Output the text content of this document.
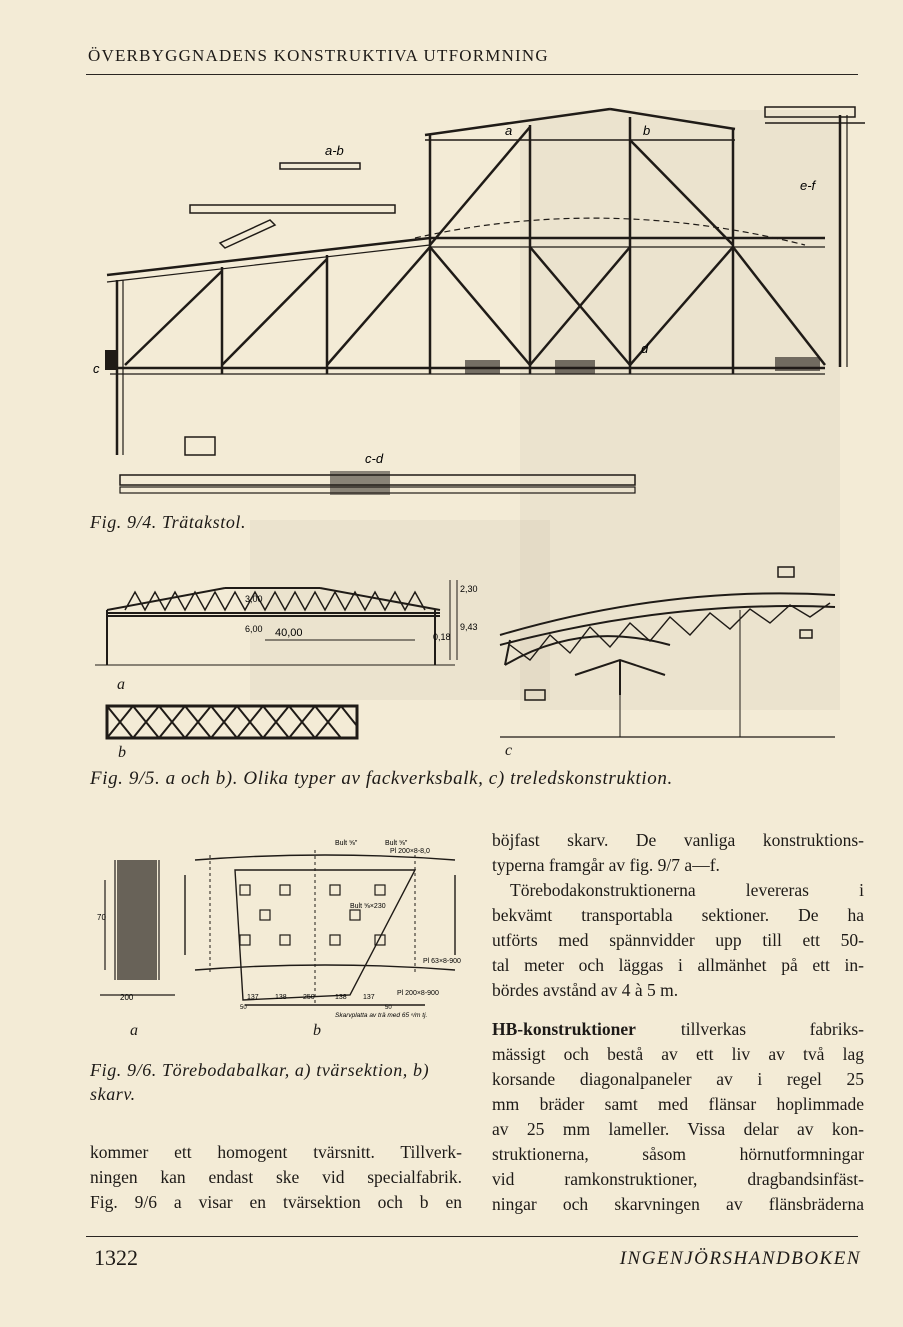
ÖVERBYGGNADENS KONSTRUKTIVA UTFORMNING
a-b
a	b
e-f
c
d
c-d
Fig. 9/4. Trätakstol.
40,00
3,00
2,30
6,00
0,18
9,43
a
b	c
Fig. 9/5. a och b). Olika typer av fackverksbalk, c) treledskonstruktion.
200
70
Bult ⅝"	Bult ⅝"
Pl 200×8-8,0
Bult ⅝×230
Pl 63×8-900
Pl 200×8-900
137 138 250	138 137
50	50
Skarvplatta av trä med 65 ⁿ/m tj.
a	b
Fig. 9/6. Törebodabalkar, a) tvärsektion, b) skarv.
kommer ett homogent tvärsnitt. Tillverk-
ningen kan endast ske vid specialfabrik.
Fig. 9/6 a visar en tvärsektion och b en
böjfast skarv. De vanliga konstruktions-
typerna framgår av fig. 9/7 a—f.
Törebodakonstruktionerna levereras i
bekvämt transportabla sektioner. De ha
utförts med spännvidder upp till ett 50-
tal meter och läggas i allmänhet på ett in-
bördes avstånd av 4 à 5 m.
HB-konstruktioner	tillverkas fabriks-
mässigt och bestå av ett liv av två lag
korsande diagonalpaneler av i regel 25
mm bräder samt med flänsar hoplimmade
av 25 mm lameller. Vissa delar av kon-
struktionerna, såsom hörnutformningar
vid ramkonstruktioner, dragbandsinfäst-
ningar och skarvningen av flänsbräderna
1322	INGENJÖRSHANDBOKEN
